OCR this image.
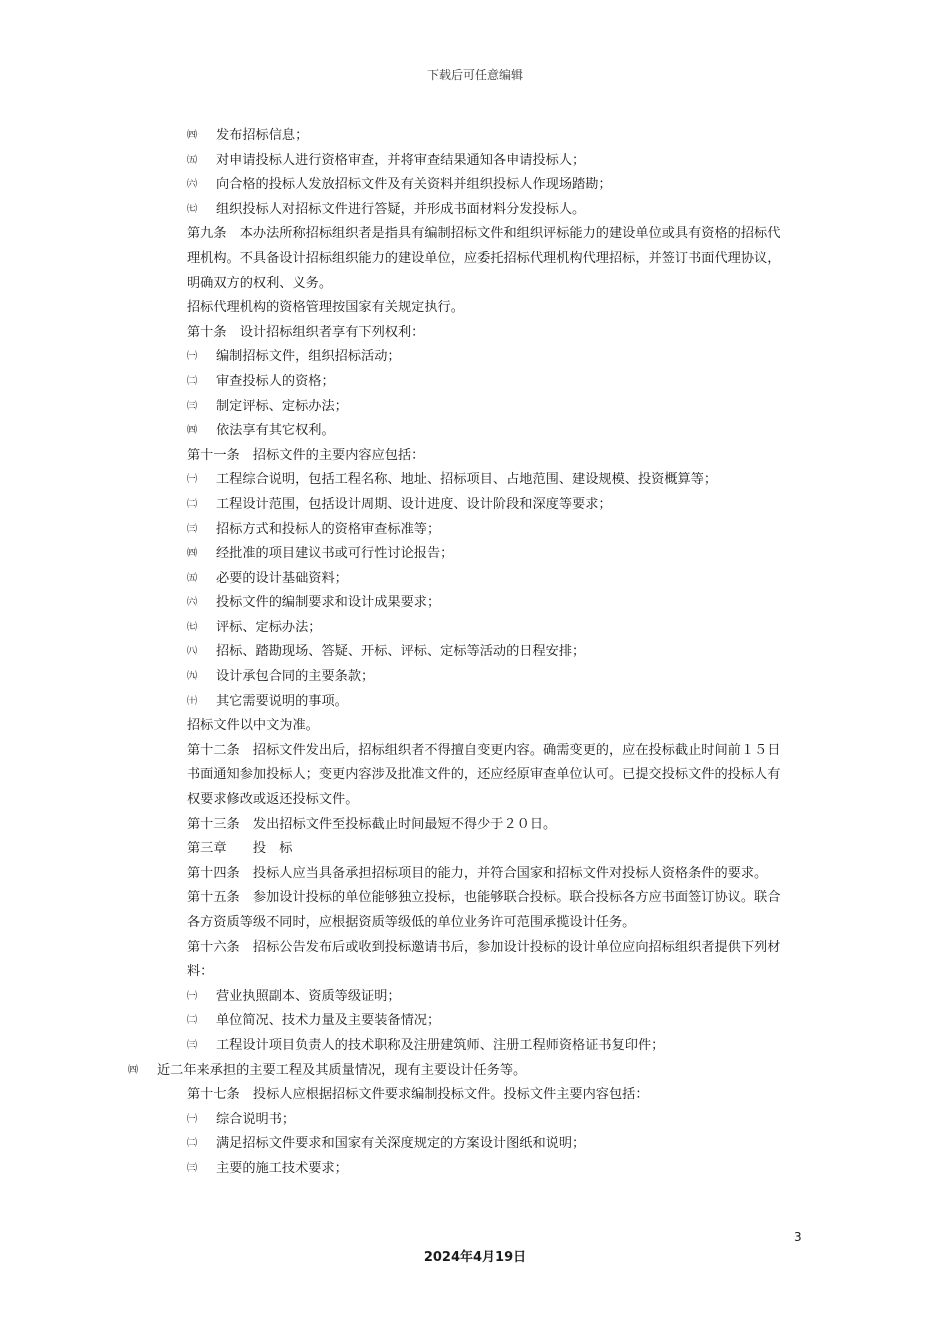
下载后可任意编辑

㈣ 发布招标信息；

㈤ 对申请投标人进行资格审查，并将审查结果通知各申请投标人；

㈥ 向合格的投标人发放招标文件及有关资料并组织投标人作现场踏勘；

㈦ 组织投标人对招标文件进行答疑，并形成书面材料分发投标人。

第九条　本办法所称招标组织者是指具有编制招标文件和组织评标能力的建设单位或具有资格的招标代理机构。不具备设计招标组织能力的建设单位，应委托招标代理机构代理招标，并签订书面代理协议，明确双方的权利、义务。

招标代理机构的资格管理按国家有关规定执行。

第十条　设计招标组织者享有下列权利：

㈠ 编制招标文件，组织招标活动；

㈡ 审查投标人的资格；

㈢ 制定评标、定标办法；

㈣ 依法享有其它权利。

第十一条　招标文件的主要内容应包括：

㈠ 工程综合说明，包括工程名称、地址、招标项目、占地范围、建设规模、投资概算等；

㈡ 工程设计范围，包括设计周期、设计进度、设计阶段和深度等要求；

㈢ 招标方式和投标人的资格审查标准等；

㈣ 经批准的项目建议书或可行性讨论报告；

㈤ 必要的设计基础资料；

㈥ 投标文件的编制要求和设计成果要求；

㈦ 评标、定标办法；

㈧ 招标、踏勘现场、答疑、开标、评标、定标等活动的日程安排；

㈨ 设计承包合同的主要条款；

㈩ 其它需要说明的事项。

招标文件以中文为准。

第十二条　招标文件发出后，招标组织者不得擅自变更内容。确需变更的，应在投标截止时间前１５日书面通知参加投标人；变更内容涉及批准文件的，还应经原审查单位认可。已提交投标文件的投标人有权要求修改或返还投标文件。

第十三条　发出招标文件至投标截止时间最短不得少于２０日。

第三章　　投　标

第十四条　投标人应当具备承担招标项目的能力，并符合国家和招标文件对投标人资格条件的要求。

第十五条　参加设计投标的单位能够独立投标，也能够联合投标。联合投标各方应书面签订协议。联合各方资质等级不同时，应根据资质等级低的单位业务许可范围承揽设计任务。

第十六条　招标公告发布后或收到投标邀请书后，参加设计投标的设计单位应向招标组织者提供下列材料：

㈠ 营业执照副本、资质等级证明；

㈡ 单位简况、技术力量及主要装备情况；

㈢ 工程设计项目负责人的技术职称及注册建筑师、注册工程师资格证书复印件；

㈣ 近二年来承担的主要工程及其质量情况，现有主要设计任务等。

第十七条　投标人应根据招标文件要求编制投标文件。投标文件主要内容包括：

㈠ 综合说明书；

㈡ 满足招标文件要求和国家有关深度规定的方案设计图纸和说明；

㈢ 主要的施工技术要求；

3
2024年4月19日
